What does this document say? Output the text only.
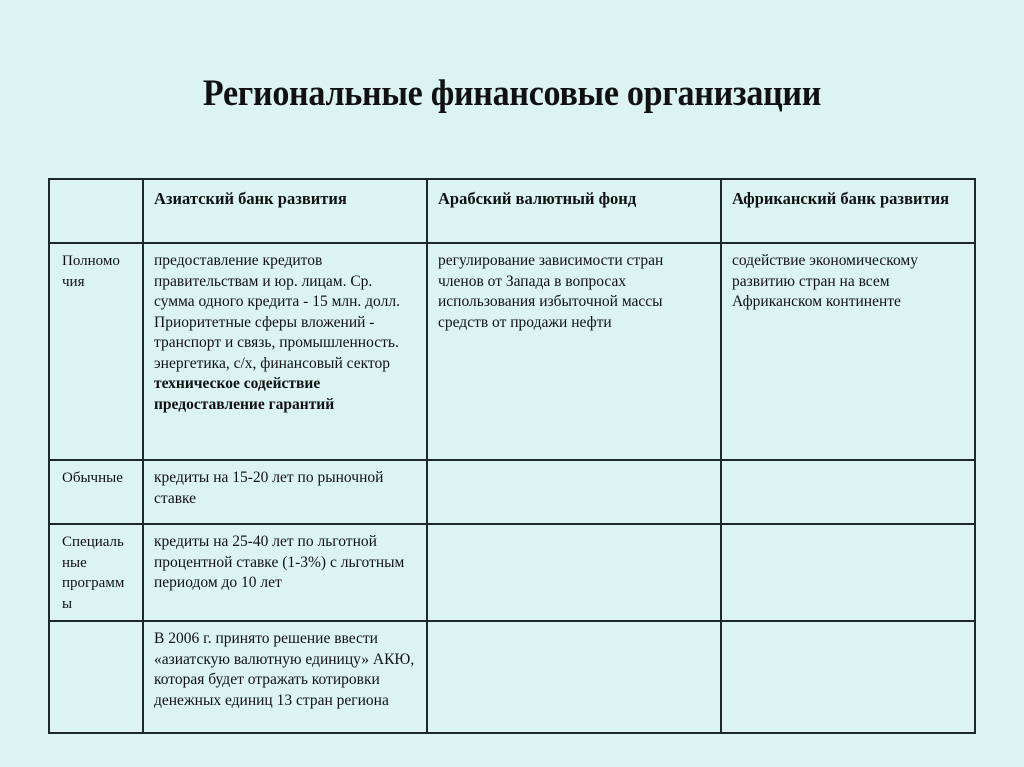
Региональные финансовые организации
	Азиатский банк развития	Арабский валютный фонд	Африканский банк развития
Полномо чия	предоставление кредитов правительствам и юр. лицам. Ср. сумма одного кредита - 15 млн. долл.
Приоритетные сферы вложений - транспорт и связь, промышленность. энергетика, с/х, финансовый сектор
техническое содействие
предоставление гарантий	регулирование зависимости стран членов от Запада в вопросах использования избыточной массы средств от продажи нефти	содействие экономическому развитию стран на всем Африканском континенте
Обычные	кредиты на 15-20 лет по рыночной ставке		
Специаль ные программ ы	кредиты на 25-40 лет по льготной процентной ставке (1-3%) с льготным периодом до 10 лет		
	В 2006 г. принято решение ввести «азиатскую валютную единицу» АКЮ, которая будет отражать котировки денежных единиц 13 стран региона		
